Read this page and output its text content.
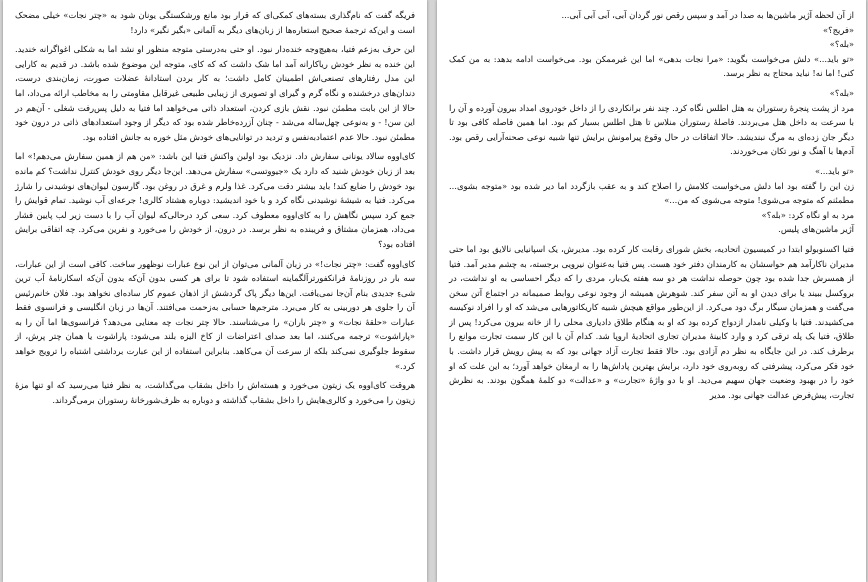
فریگه گفت که نام‌گذاری بسته‌های کمکی‌ای که قرار بود مانع ورشکستگی یونان شود به «چتر نجات» خیلی مضحک است و این‌که ترجمهٔ صحیح استعاره‌ها از زبان‌های دیگر به آلمانی «بگیر نگیر» دارد!

این حرف به‌زعم فتیا، به‌هیچ‌وجه خنده‌دار نبود. او حتی به‌درستی متوجه منظور او نشد اما به شکلی اغواگرانه خندید. این خنده به نظر خودش ریاکارانه آمد اما شک داشت که که کای، متوجه این موضوع شده باشد. در قدیم به کارایی این مدل رفتارهای تصنعی‌اش اطمینان کامل داشت؛ به کار بردن استادانهٔ عضلات صورت، زمان‌بندی درست، دندان‌های درخشنده و نگاه گرم و گیرای او تصویری از زیبایی طبیعی غیرقابل مقاومتی را به مخاطب ارائه می‌داد، اما حالا از این بابت مطمئن نبود. نقش بازی کردن، استعداد ذاتی می‌خواهد اما فتیا به دلیل پس‌رفت شغلی - آن‌هم در این سن! - و به‌نوعی چهل‌ساله می‌شد - چنان آزرده‌خاطر شده بود که دیگر از وجود استعدادهای ذاتی در درون خود مطمئن نبود. حالا عدم اعتمادبه‌نفس و تردید در توانایی‌های خودش مثل خوره به جانش افتاده بود.

کای‌اووه سالاد یونانی سفارش داد. نزدیک بود اولین واکنش فتیا این باشد: «من هم از همین سفارش می‌دهم!» اما بعد از زبان خودش شنید که دارد یک «جیووتسی» سفارش می‌دهد. این‌جا دیگر روی خودش کنترل نداشت؟ کم مانده بود خودش را ضایع کند! باید بیشتر دقت می‌کرد. غذا ولرم و غرق در روغن بود. گارسون لیوان‌های نوشیدنی را شارژ می‌کرد. فتیا به شیشهٔ نوشیدنی نگاه کرد و با خود اندیشید: دوباره هشتاد کالری! جرعه‌ای آب نوشید. تمام قوایش را جمع کرد سپس نگاهش را به کای‌اووه معطوف کرد. سعی کرد درحالی‌که لیوان آب را با دست زیر لب پایین فشار می‌داد، همزمان مشتاق و فریبنده به نظر برسد. در درون، از خودش را می‌خورد و نفرین می‌کرد. چه اتفاقی برایش افتاده بود؟

کای‌اووه گفت: «چتر نجات!» در زبان آلمانی می‌توان از این نوع عبارات نوظهور ساخت. کافی است از این عبارات، سه بار در روزنامهٔ فرانکفورترآلگماینه استفاده شود تا برای هر کسی بدون آن‌که بدون آن‌که اسکارنامهٔ آب ترین شیءِ جدیدی بنام آن‌جا نمی‌یافت. این‌ها دیگر پاک گردشش از اذهان عموم کار ساده‌ای نخواهد بود. فلان خانم‌رئیس آن را جلوی هر دوربینی به کار می‌برد. مترجم‌ها حسابی به‌زحمت می‌افتند. آن‌ها در زبان انگلیسی و فرانسوی فقط عبارات «حلقهٔ نجات» و «چتر باران» را می‌شناسند. حالا چتر نجات چه معنایی می‌دهد؟ فرانسوی‌ها اما آن را به «پاراشوت» ترجمه می‌کنند، اما بعد صدای اعتراضات از کاخ الیزه بلند می‌شود: پاراشوت یا همان چتر پرش، از سقوط جلوگیری نمی‌کند بلکه از سرعت آن می‌کاهد. بنابراین استفاده از این عبارت برداشتی اشتباه را ترویج خواهد کرد.»

هروقت کای‌اووه یک زیتون می‌خورد و هسته‌اش را داخل بشقاب می‌گذاشت، به نظر فتیا می‌رسید که او تنها مزهٔ زیتون را می‌خورد و کالری‌هایش را داخل بشقاب گذاشته و دوباره به ظرف‌شورخانهٔ رستوران برمی‌گرداند.

از آن لحظه آژیر ماشین‌ها به صدا در آمد و سپس رقص نور گردان آبی، آبی آبی آبی...

«فریج؟»

«بله؟»

«تو باید...» دلش می‌خواست بگوید: «مرا نجات بدهی» اما این غیرممکن بود. می‌خواست ادامه بدهد: به من کمک کنی! اما نه! نباید محتاج به نظر برسد.

«بله؟»

مرد از پشت پنجرهٔ رستوران به هتل اطلس نگاه کرد. چند نفر برانکاردی را از داخل خودروی امداد بیرون آورده و آن را با سرعت به داخل هتل می‌بردند. فاصلهٔ رستوران منلاس تا هتل اطلس بسیار کم بود. اما همین فاصله کافی بود تا دیگر جان زده‌ای به مرگ نبندیشد. حالا اتفاقات در حال وقوع پیرامونش برایش تنها شبیه نوعی صحنه‌آرایی رقص بود. آدم‌ها با آهنگ و نور تکان می‌خوردند.

«تو باید...»

زن این را گفته بود اما دلش می‌خواست کلامش را اصلاح کند و به عقب بازگردد اما دیر شده بود «متوجه بشوی... مطمئنم که متوجه می‌شوی! متوجه می‌شوی که من...»

مرد به او نگاه کرد: «بله؟»

آژیر ماشین‌های پلیس.

فتیا اکسنوبولو ابتدا در کمیسیون اتحادیه، بخش شورای رقابت کار کرده بود. مدیرش، یک اسپانیایی نالایق بود اما حتی مدیران ناکارآمد هم حواسشان به کارمندان دفتر خود هست. پس فتیا به‌عنوان نیرویی برجسته، به چشم مدیر آمد. فتیا از همسرش جدا شده بود چون حوصله نداشت هر دو سه هفته یک‌بار، مردی را که دیگر احساسی به او نداشت، در بروکسل ببیند یا برای دیدن او به آتن سفر کند. شوهرش همیشه از وجود نوعی روابط صمیمانه در اجتماع آتن سخن می‌گفت و همزمان سیگار برگ دود می‌کرد. از این‌طور مواقع هیچش شبیه کاریکاتورهایی می‌شد که او را افراد نوکیسه می‌کشیدند. فتیا با وکیلی نامدار ازدواج کرده بود که او به هنگام طلاق دادیاری محلی را از خانه بیرون می‌کرد! پس از طلاق، فتیا یک پله ترقی کرد و وارد کابینهٔ مدیران تجاری اتحادیهٔ اروپا شد. کدام آن با این کار سمت تجارت موانع را برطرف کند. در این جایگاه به نظر دم آزادی بود. حالا فقط تجارت آزاد جهانی بود که به پیش رویش قرار داشت. با خود فکر می‌کرد، پیشرفتی که روبه‌روی خود دارد، برایش بهترین پاداش‌ها را به ارمغان خواهد آورد؛ به این علت که او خود را در بهبود وضعیت جهان سهیم می‌دید. او با دو واژهٔ «تجارت» و «عدالت» دو کلمهٔ همگون بودند. به نظرش تجارت، پیش‌فرض عدالت جهانی بود. مدیر
